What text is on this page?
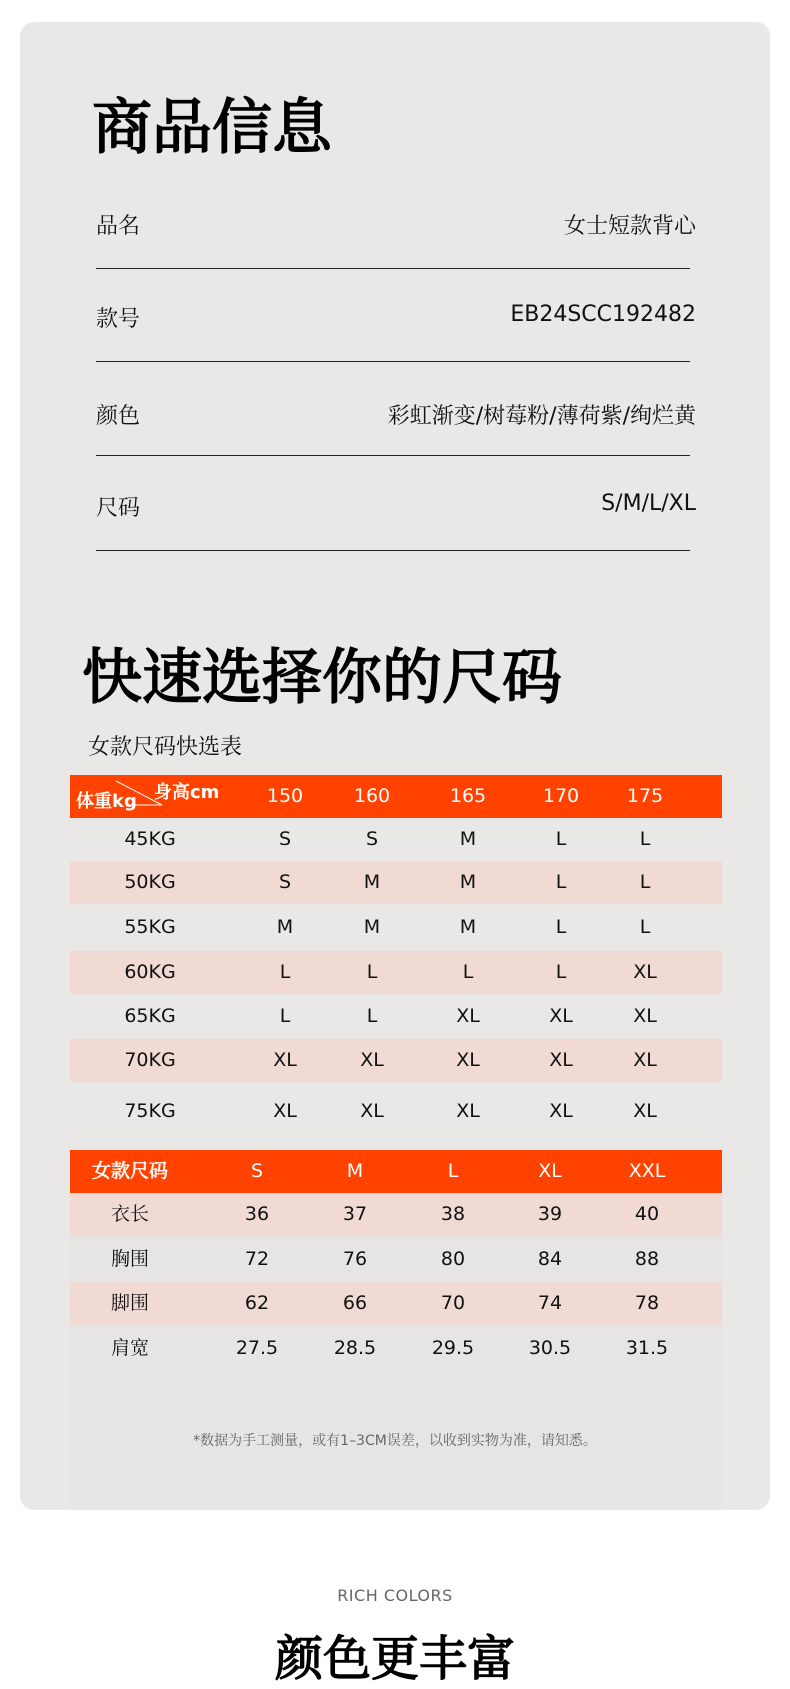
商品信息
品名	女士短款背心
款号	EB24SCC192482
颜色	彩虹渐变/树莓粉/薄荷紫/绚烂黄
尺码	S/M/L/XL
快速选择你的尺码
女款尺码快选表
体重kg 身高cm 150	160	165	170	175
45KG	S	S	M	L	L
50KG	S	M	M	L	L
55KG	M	M	M	L	L
60KG	L	L	L	L	XL
65KG	L	L	XL	XL	XL
70KG	XL	XL	XL	XL	XL
75KG	XL	XL	XL	XL	XL
女款尺码	S	M	L	XL	XXL
衣长	36	37	38	39	40
胸围	72	76	80	84	88
脚围	62	66	70	74	78
肩宽	27.5	28.5	29.5	30.5	31.5
*数据为手工测量，或有1–3CM误差，以收到实物为准，请知悉。
RICH COLORS
颜色更丰富
